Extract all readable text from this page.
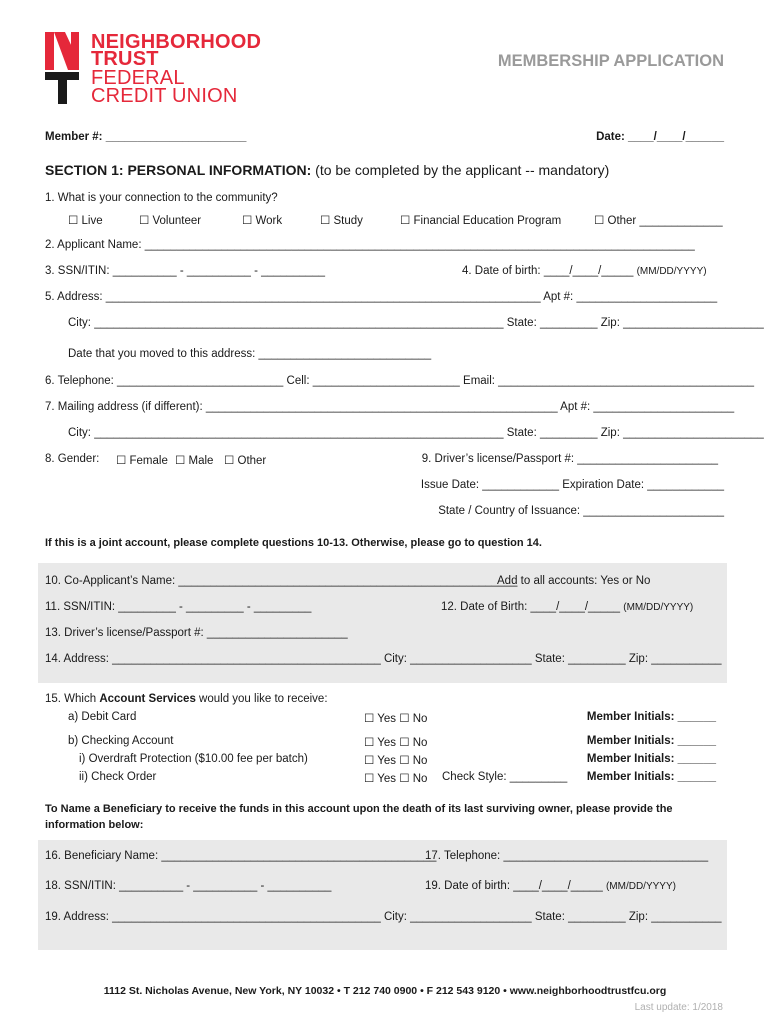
NEIGHBORHOOD
TRUST
FEDERAL
CREDIT UNION
MEMBERSHIP APPLICATION
Member #: ______________________	Date: ____/____/______
SECTION 1: PERSONAL INFORMATION: (to be completed by the applicant -- mandatory)
1. What is your connection to the community?
☐ Live	☐ Volunteer	☐ Work	☐ Study	☐ Financial Education Program	☐ Other _____________
2. Applicant Name: ______________________________________________________________________________________
3. SSN/ITIN: __________ - __________ - __________	4. Date of birth: ____/____/_____ (MM/DD/YYYY)
5. Address: ____________________________________________________________________ Apt #: ______________________
City: ________________________________________________________________ State: _________ Zip: ______________________
Date that you moved to this address: ___________________________
6. Telephone: __________________________ Cell: _______________________ Email: ________________________________________
7. Mailing address (if different): _______________________________________________________ Apt #: ______________________
City: ________________________________________________________________ State: _________ Zip: ______________________
8. Gender: ☐ Female ☐ Male ☐ Other	9. Driver’s license/Passport #: ______________________
Issue Date: ____________ Expiration Date: ____________
State / Country of Issuance: ______________________
If this is a joint account, please complete questions 10-13. Otherwise, please go to question 14.
10. Co-Applicant’s Name: _____________________________________________________
Add to all accounts: Yes or No
11. SSN/ITIN: _________ - _________ - _________	12. Date of Birth: ____/____/_____ (MM/DD/YYYY)
13. Driver’s license/Passport #: ______________________
14. Address: __________________________________________ City: ___________________ State: _________ Zip: ___________
15. Which Account Services would you like to receive:
a) Debit Card	☐ Yes ☐ No	Member Initials: ______
b) Checking Account	☐ Yes ☐ No	Member Initials: ______
i) Overdraft Protection ($10.00 fee per batch)	☐ Yes ☐ No	Member Initials: ______
ii) Check Order	☐ Yes ☐ No Check Style: _________ Member Initials: ______
To Name a Beneficiary to receive the funds in this account upon the death of its last surviving owner, please provide the
information below:
16. Beneficiary Name: ___________________________________________
17. Telephone: ________________________________
18. SSN/ITIN: __________ - __________ - __________	19. Date of birth: ____/____/_____ (MM/DD/YYYY)
19. Address: __________________________________________ City: ___________________ State: _________ Zip: ___________
1112 St. Nicholas Avenue, New York, NY 10032 • T 212 740 0900 • F 212 543 9120 • www.neighborhoodtrustfcu.org
Last update: 1/2018
